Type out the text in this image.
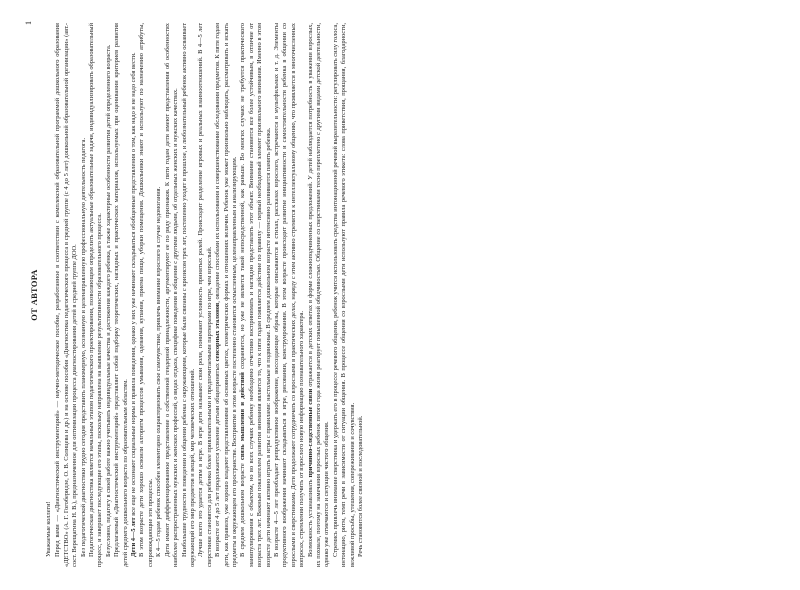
1
ОТ АВТОРА

Уважаемые коллеги! Перед вами — «Диагностический инструментарий» — научно-методическое пособие, разработанное в соответствии с комплексной образовательной программой дошкольного образования «ДЕТСТВО» (А. Г. Гогоберидзе, О. В. Солнцева и др.) и на основе пособия «Диагностика педагогического процесса в средней группе (с 4 до 5 лет) дошкольной образовательной организации» (авт.-сост. Верещагина Н. В.), предназначенное для оптимизации процесса диагностирования детей в средней группе ДОО. Без педагогической диагностики трудно сегодня представить планомерную, осознанную и целенаправленную профессиональную деятельность педагога. Педагогическая диагностика является начальным этапом педагогического проектирования, позволяющим определить актуальные образовательные задачи, индивидуализировать образовательный процесс, и завершает последующие его этапы, поскольку направлена на выявление результативности образовательного процесса. Безусловно, педагогу в своей работе важно учитывать индивидуальные качества и достижения каждого ребенка, а также характерные особенности развития детей определенного возраста. Предлагаемый «Диагностический инструментарий» представляет собой подборку теоретических, наглядных и практических материалов, используемых при оценивании критериев развития детей среднего дошкольного возраста по образовательным областям. Дети 4—5 лет все еще не осознают социальные нормы и правила поведения, однако у них уже начинают складываться обобщенные представления о том, как надо и не надо себя вести. В этом возрасте дети хорошо освоили алгоритм процессов умывания, одевания, купания, приема пищи, уборки помещения. Дошкольники знают и используют по назначению атрибуты, сопровождающие эти процессы. К 4—5 годам ребенок способен элементарно охарактеризовать свое самочувствие, привлечь внимание взрослого в случае недомогания. Дети имеют дифференцированное представление о собственной гендерной принадлежности, аргументируют ее по ряду признаков. К пяти годам дети имеют представления об особенностях наиболее распространенных мужских и женских профессий, о видах отдыха, специфике поведения в общении с другими людьми, об отдельных женских и мужских качествах. Наибольшие трудности в поведении и общении ребенка с окружающими, которые были связаны с кризисом трех лет, постепенно уходят в прошлое, и любознательный ребенок активно осваивает окружающий его мир предметов и вещей, мир человеческих отношений. Лучше всего это удается детям в игре. В игре дети называют свои роли, понимают условность принятых ролей. Происходит разделение игровых и реальных взаимоотношений. В 4—5 лет сверстники становятся для ребенка более привлекательными и предпочитаемыми партнерами по игре, чем взрослый. В возрасте от 4 до 5 лет продолжается усвоение детьми общепринятых сенсорных эталонов, овладение способами их использования и совершенствование обследования предметов. К пяти годам дети, как правило, уже хорошо владеют представлениями об основных цветах, геометрических формах и отношениях величин. Ребенок уже может произвольно наблюдать, рассматривать и искать предметы в окружающем его пространстве. Восприятие в этом возрасте постепенно становится осмысленным, целенаправленным и анализирующим. В среднем дошкольном возрасте связь мышления и действий сохраняется, но уже не является такой непосредственной, как раньше. Во многих случаях не требуется практического манипулирования с объектом, но во всех случаях ребенку необходимо отчетливо воспринимать и наглядно представлять этот объект. Внимание становится все более устойчивым, в отличие от возраста трех лет. Важным показателем развития внимания является то, что к пяти годам появляется действие по правилу — первый необходимый элемент произвольного внимания. Именно в этом возрасте дети начинают активно играть в игры с правилами: настольные и подвижные. В среднем дошкольном возрасте интенсивно развивается память ребенка. В возрасте 4—5 лет преобладает репродуктивное воображение, воссоздающее образы, которые описываются в стихах, рассказах взрослого, встречаются в мультфильмах и т. д. Элементы продуктивного воображения начинают складываться в игре, рисовании, конструировании. В этом возрасте происходит развитие инициативности и самостоятельности ребенка в общении со взрослыми и сверстниками. Дети продолжают сотрудничать со взрослыми в практических делах, наряду с этим активно стремятся к интеллектуальному общению, что проявляется в многочисленных вопросах, стремлении получить от взрослого новую информацию познавательного характера. Возможность устанавливать причинно-следственные связи отражается в детских ответах в форме сложноподчиненных предложений. У детей наблюдается потребность в уважении взрослых, их похвале, поэтому на замечания взрослых ребенок пятого года жизни реагирует повышенной обидчивостью. Общение со сверстниками тесно переплетено с другими видами детской деятельности, однако уже отмечаются и ситуации чистого общения. Стремясь привлечь внимание сверстника и удержать его в процессе речевого общения, ребенок учится использовать средства интонационной речевой выразительности: регулировать силу голоса, интонацию, ритм, темп речи в зависимости от ситуации общения. В процессе общения со взрослыми дети используют правила речевого этикета: слова приветствия, прощания, благодарности, вежливой просьбы, утешения, сопереживания и сочувствия. Речь становится более связной и последовательной.
